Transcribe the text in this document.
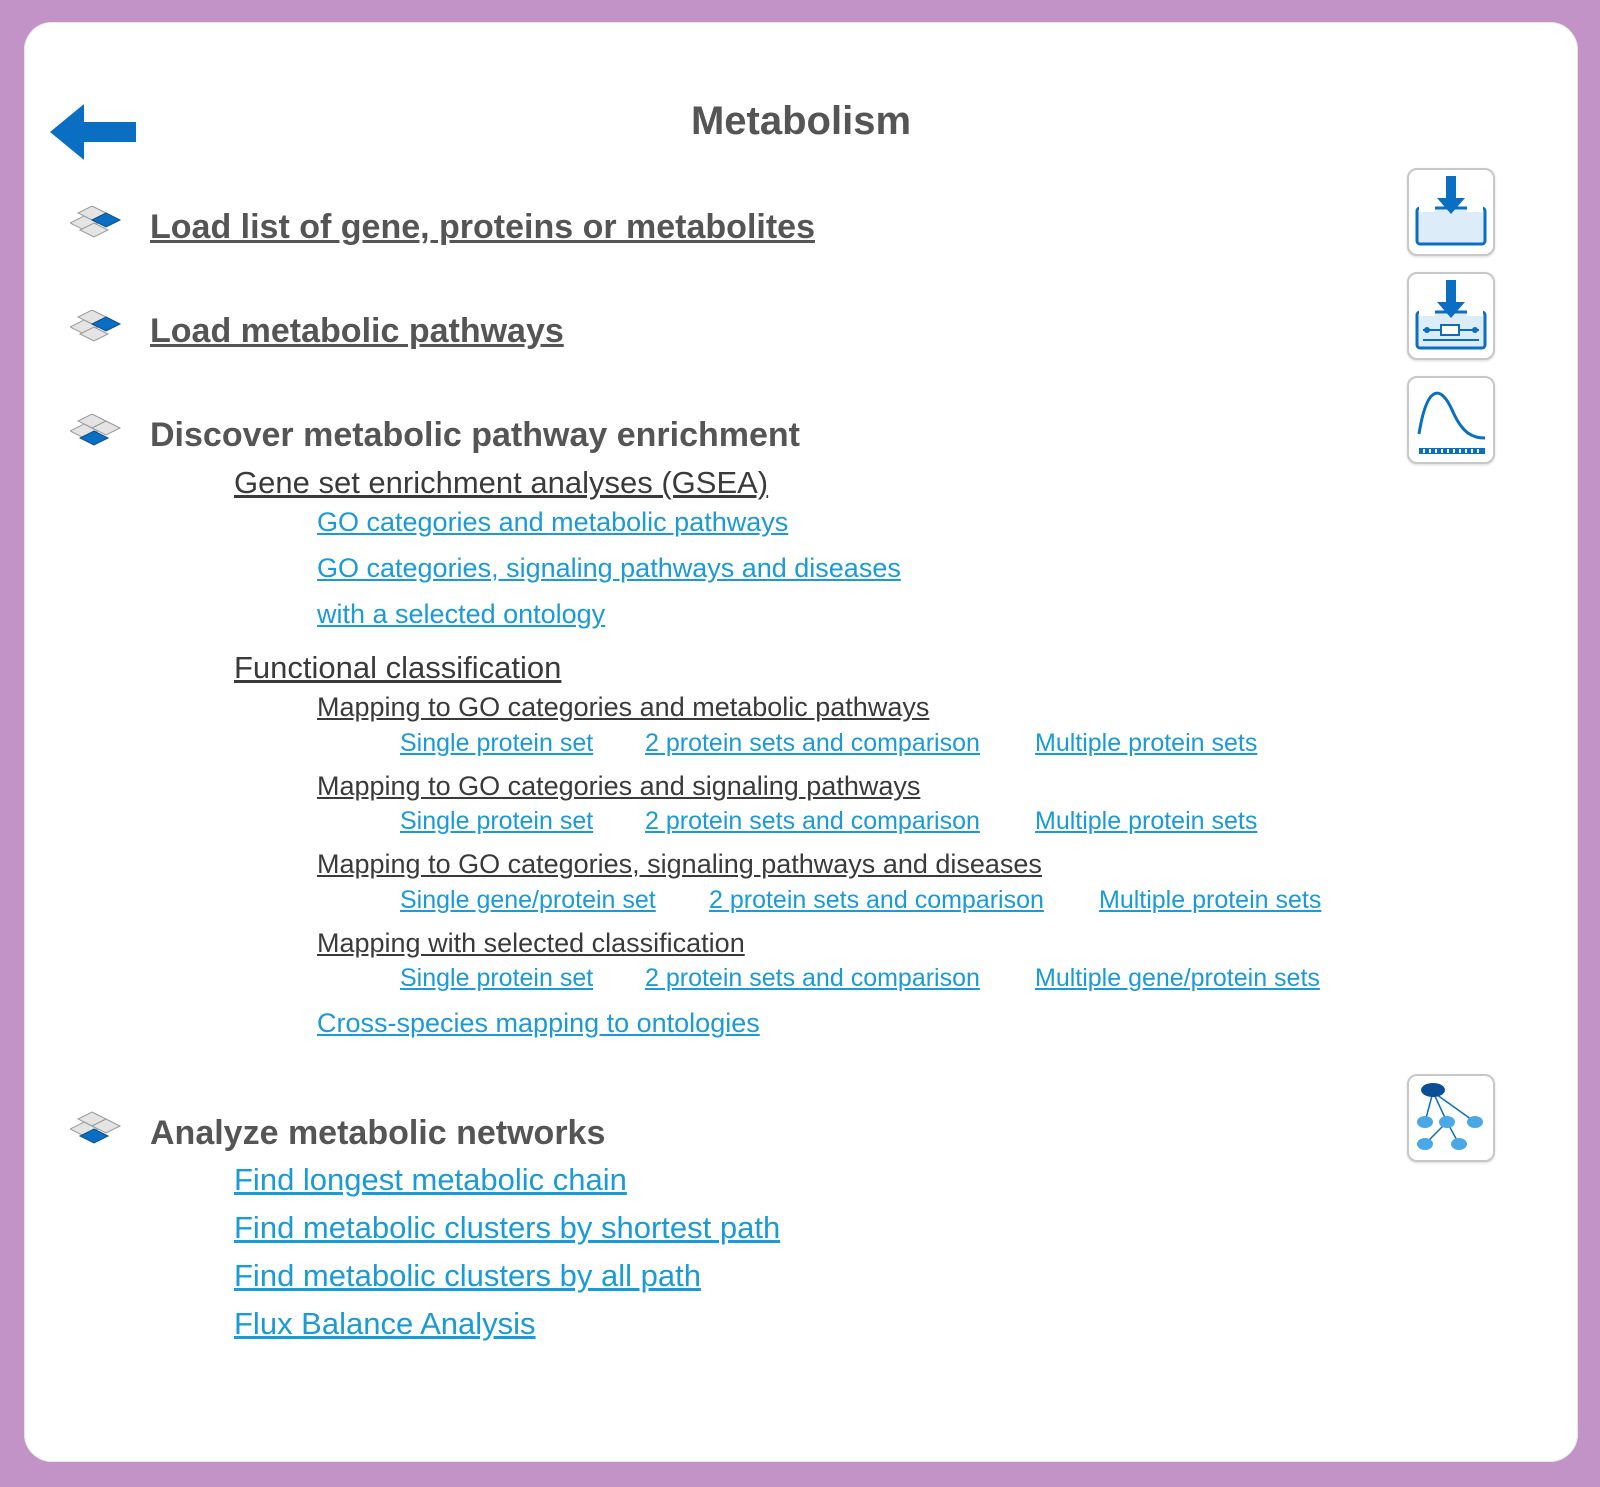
Metabolism
Load list of gene, proteins or metabolites
Load metabolic pathways
Discover metabolic pathway enrichment
Gene set enrichment analyses (GSEA)
GO categories and metabolic pathways
GO categories, signaling pathways and diseases
with a selected ontology
Functional classification
Mapping to GO categories and metabolic pathways
Single protein set 2 protein sets and comparison Multiple protein sets
Mapping to GO categories and signaling pathways
Single protein set 2 protein sets and comparison Multiple protein sets
Mapping to GO categories, signaling pathways and diseases
Single gene/protein set 2 protein sets and comparison Multiple protein sets
Mapping with selected classification
Single protein set 2 protein sets and comparison Multiple gene/protein sets
Cross-species mapping to ontologies
Analyze metabolic networks
Find longest metabolic chain
Find metabolic clusters by shortest path
Find metabolic clusters by all path
Flux Balance Analysis
